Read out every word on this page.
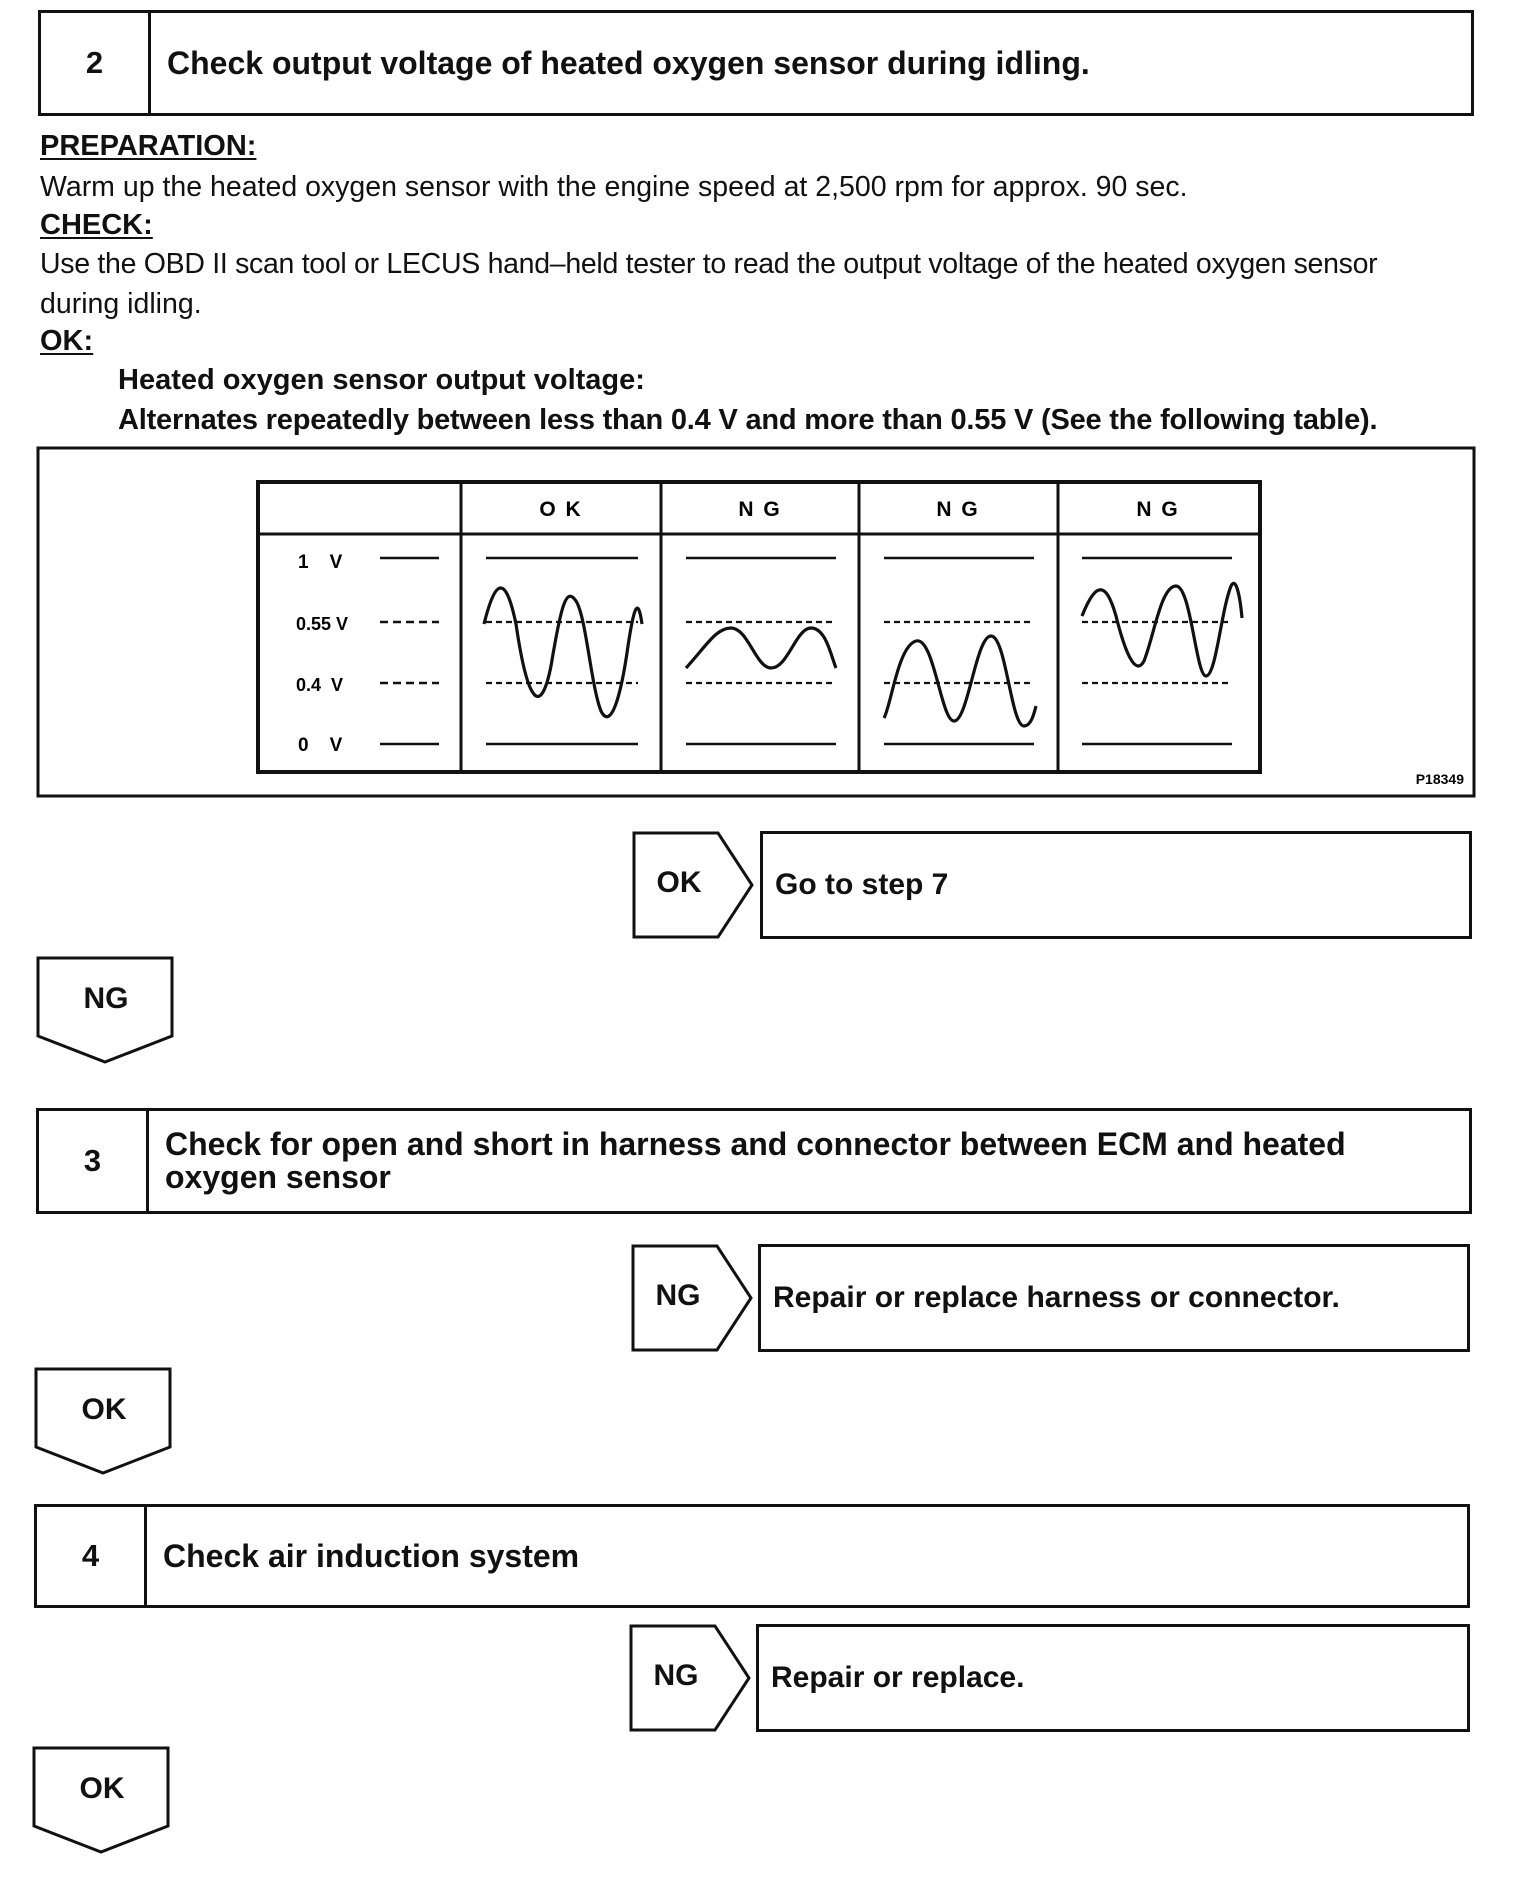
2	Check output voltage of heated oxygen sensor during idling.
PREPARATION:
Warm up the heated oxygen sensor with the engine speed at 2,500 rpm for approx. 90 sec.
CHECK:
Use the OBD II scan tool or LECUS hand–held tester to read the output voltage of the heated oxygen sensor
during idling.
OK:
Heated oxygen sensor output voltage:
Alternates repeatedly between less than 0.4 V and more than 0.55 V (See the following table).
O K	N G	N G	N G
1    V
0.55 V
0.4  V
0    V
P18349
OK	Go to step 7
NG
3	Check for open and short in harness and connector between ECM and heated oxygen sensor
NG	Repair or replace harness or connector.
OK
4	Check air induction system
NG	Repair or replace.
OK
